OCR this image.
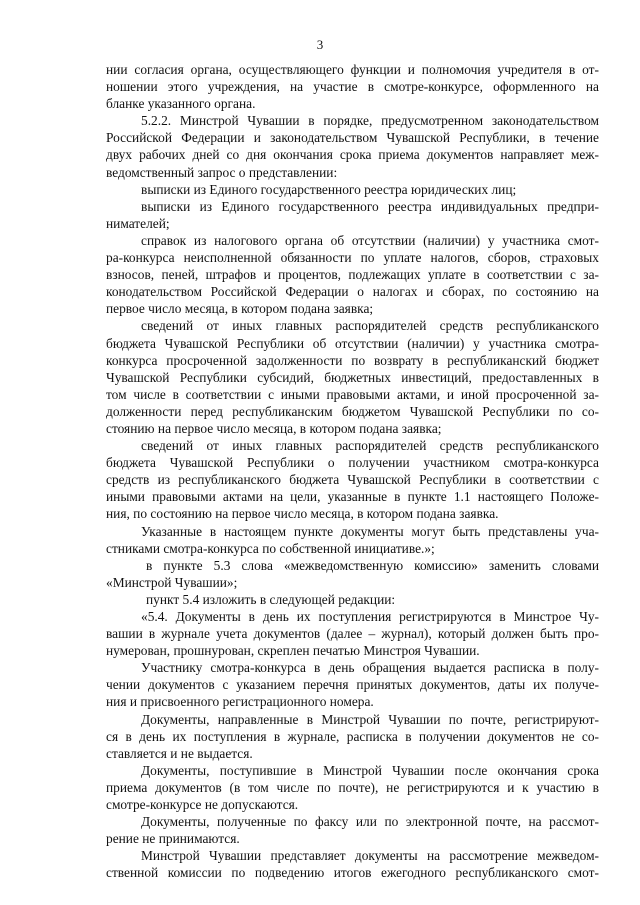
3
нии согласия органа, осуществляющего функции и полномочия учредителя в от-
ношении этого учреждения, на участие в смотре-конкурсе, оформленного на
бланке указанного органа.
5.2.2. Минстрой Чувашии в порядке, предусмотренном законодательством
Российской Федерации и законодательством Чувашской Республики, в течение
двух рабочих дней со дня окончания срока приема документов направляет меж-
ведомственный запрос о представлении:
выписки из Единого государственного реестра юридических лиц;
выписки из Единого государственного реестра индивидуальных предпри-
нимателей;
справок из налогового органа об отсутствии (наличии) у участника смот-
ра-конкурса неисполненной обязанности по уплате налогов, сборов, страховых
взносов, пеней, штрафов и процентов, подлежащих уплате в соответствии с за-
конодательством Российской Федерации о налогах и сборах, по состоянию на
первое число месяца, в котором подана заявка;
сведений от иных главных распорядителей средств республиканского
бюджета Чувашской Республики об отсутствии (наличии) у участника смотра-
конкурса просроченной задолженности по возврату в республиканский бюджет
Чувашской Республики субсидий, бюджетных инвестиций, предоставленных в
том числе в соответствии с иными правовыми актами, и иной просроченной за-
долженности перед республиканским бюджетом Чувашской Республики по со-
стоянию на первое число месяца, в котором подана заявка;
сведений от иных главных распорядителей средств республиканского
бюджета Чувашской Республики о получении участником смотра-конкурса
средств из республиканского бюджета Чувашской Республики в соответствии с
иными правовыми актами на цели, указанные в пункте 1.1 настоящего Положе-
ния, по состоянию на первое число месяца, в котором подана заявка.
Указанные в настоящем пункте документы могут быть представлены уча-
стниками смотра-конкурса по собственной инициативе.»;
в пункте 5.3 слова «межведомственную комиссию» заменить словами
«Минстрой Чувашии»;
пункт 5.4 изложить в следующей редакции:
«5.4. Документы в день их поступления регистрируются в Минстрое Чу-
вашии в журнале учета документов (далее – журнал), который должен быть про-
нумерован, прошнурован, скреплен печатью Минстроя Чувашии.
Участнику смотра-конкурса в день обращения выдается расписка в полу-
чении документов с указанием перечня принятых документов, даты их получе-
ния и присвоенного регистрационного номера.
Документы, направленные в Минстрой Чувашии по почте, регистрируют-
ся в день их поступления в журнале, расписка в получении документов не со-
ставляется и не выдается.
Документы, поступившие в Минстрой Чувашии после окончания срока
приема документов (в том числе по почте), не регистрируются и к участию в
смотре-конкурсе не допускаются.
Документы, полученные по факсу или по электронной почте, на рассмот-
рение не принимаются.
Минстрой Чувашии представляет документы на рассмотрение межведом-
ственной комиссии по подведению итогов ежегодного республиканского смот-
